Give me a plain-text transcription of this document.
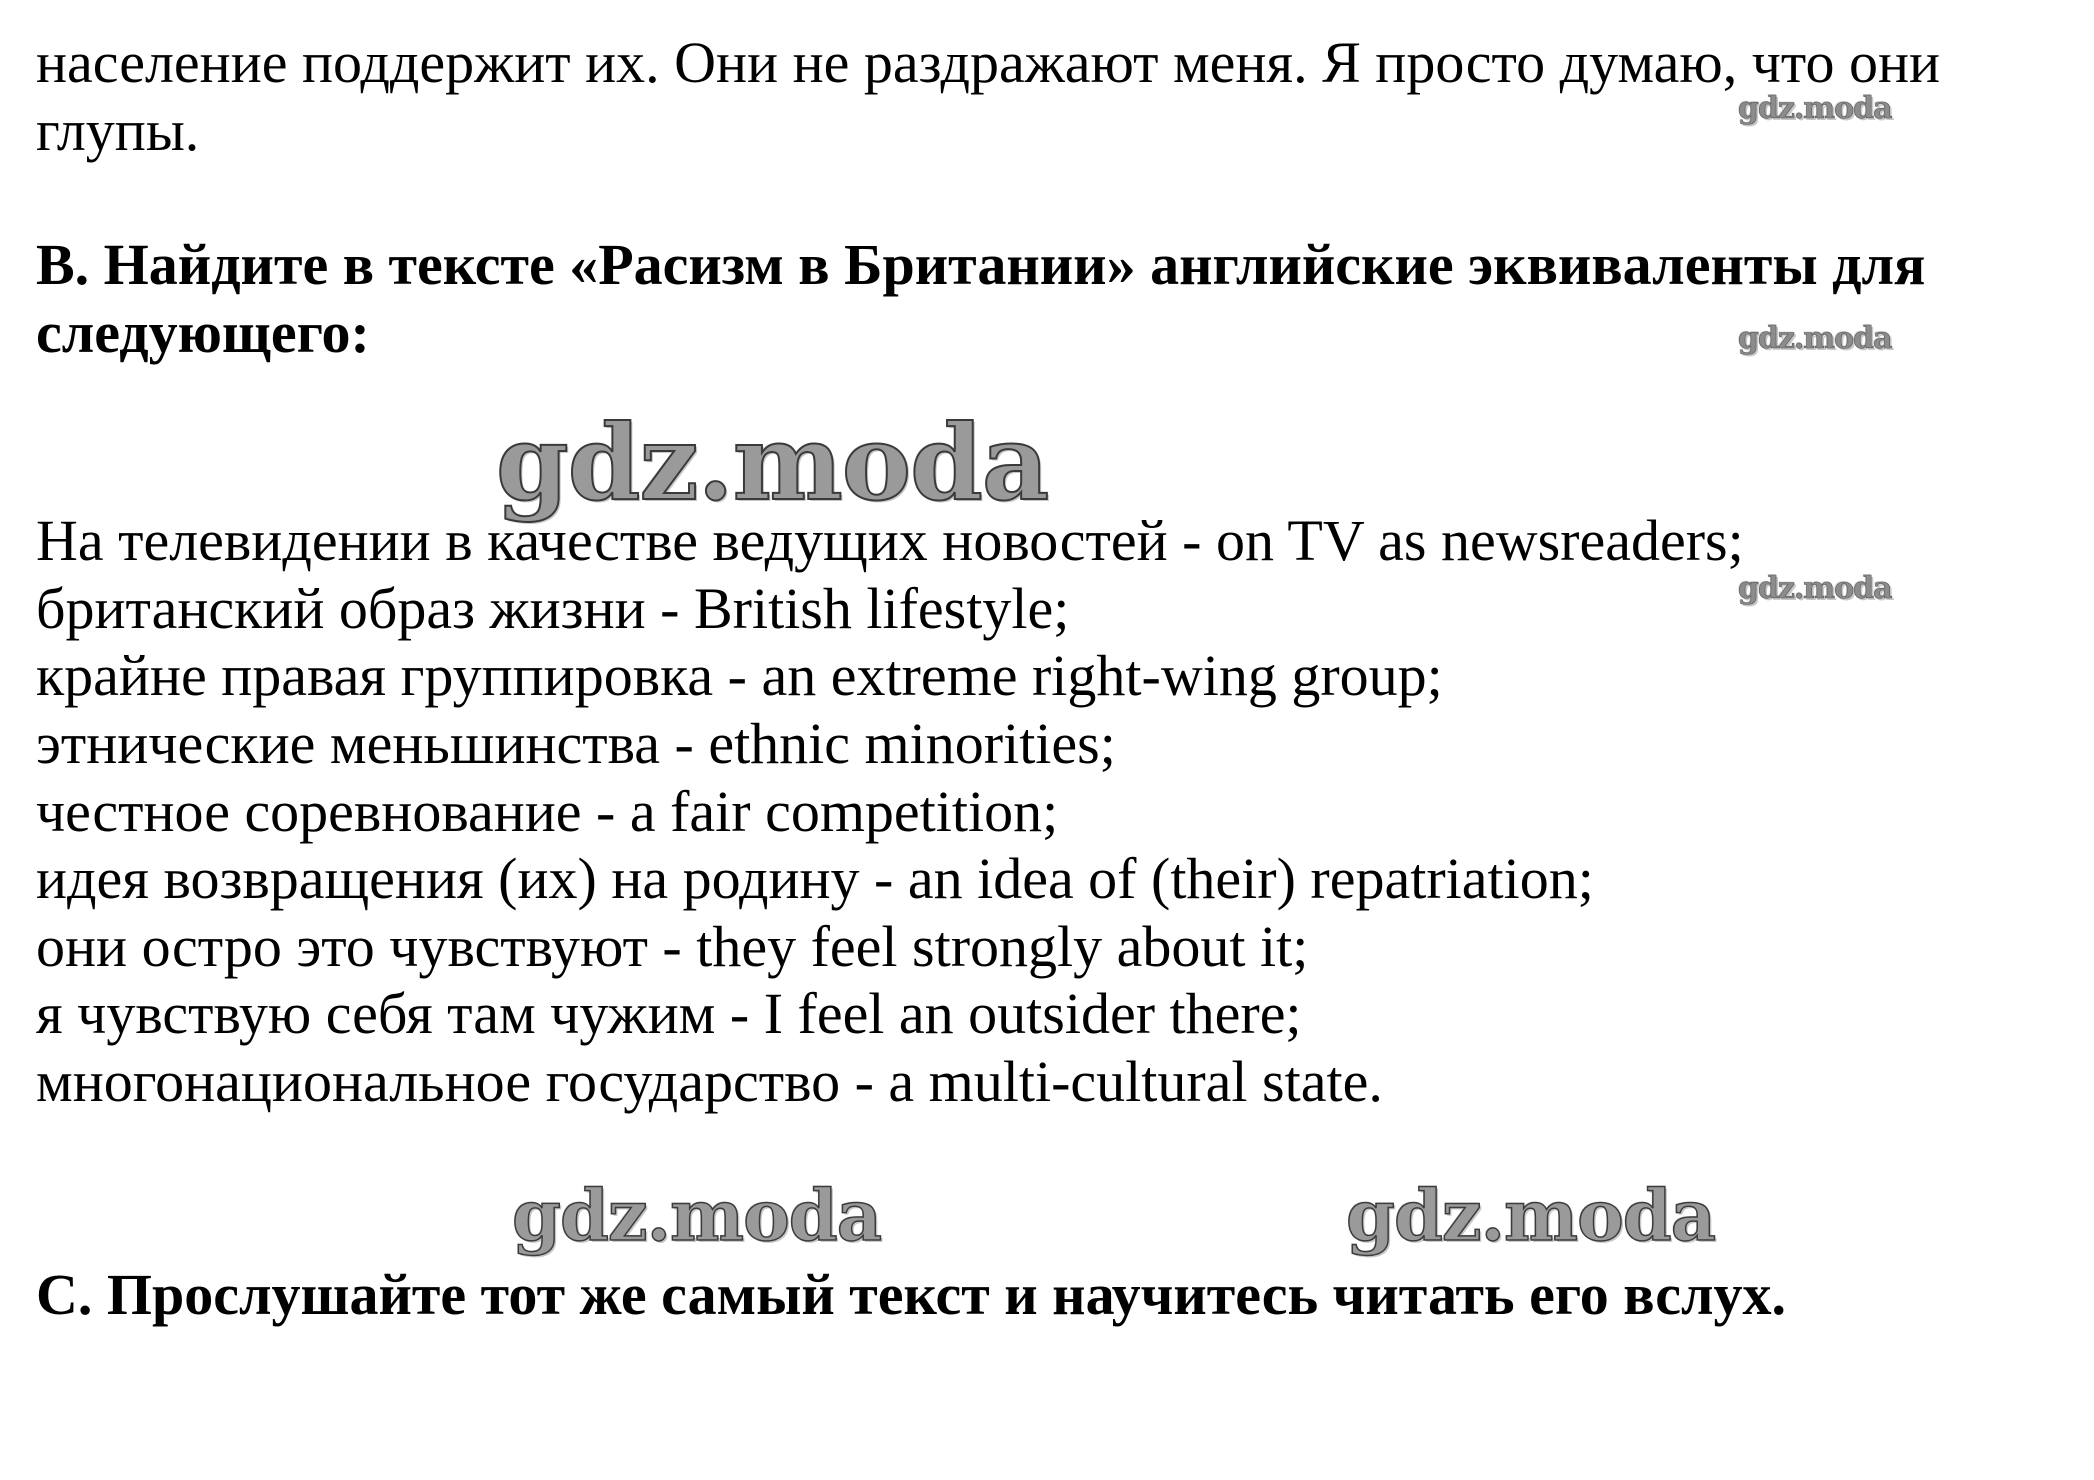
население поддержит их. Они не раздражают меня. Я просто думаю, что они
глупы.
В. Найдите в тексте «Расизм в Британии» английские эквиваленты для
следующего:
На телевидении в качестве ведущих новостей - on TV as newsreaders;
британский образ жизни - British lifestyle;
крайне правая группировка - an extreme right-wing group;
этнические меньшинства - ethnic minorities;
честное соревнование - a fair competition;
идея возвращения (их) на родину - an idea of (their) repatriation;
они остро это чувствуют - they feel strongly about it;
я чувствую себя там чужим - I feel an outsider there;
многонациональное государство - a multi-cultural state.
С. Прослушайте тот же самый текст и научитесь читать его вслух.
gdz.moda
gdz.moda
gdz.moda
gdz.moda
gdz.moda	gdz.moda
